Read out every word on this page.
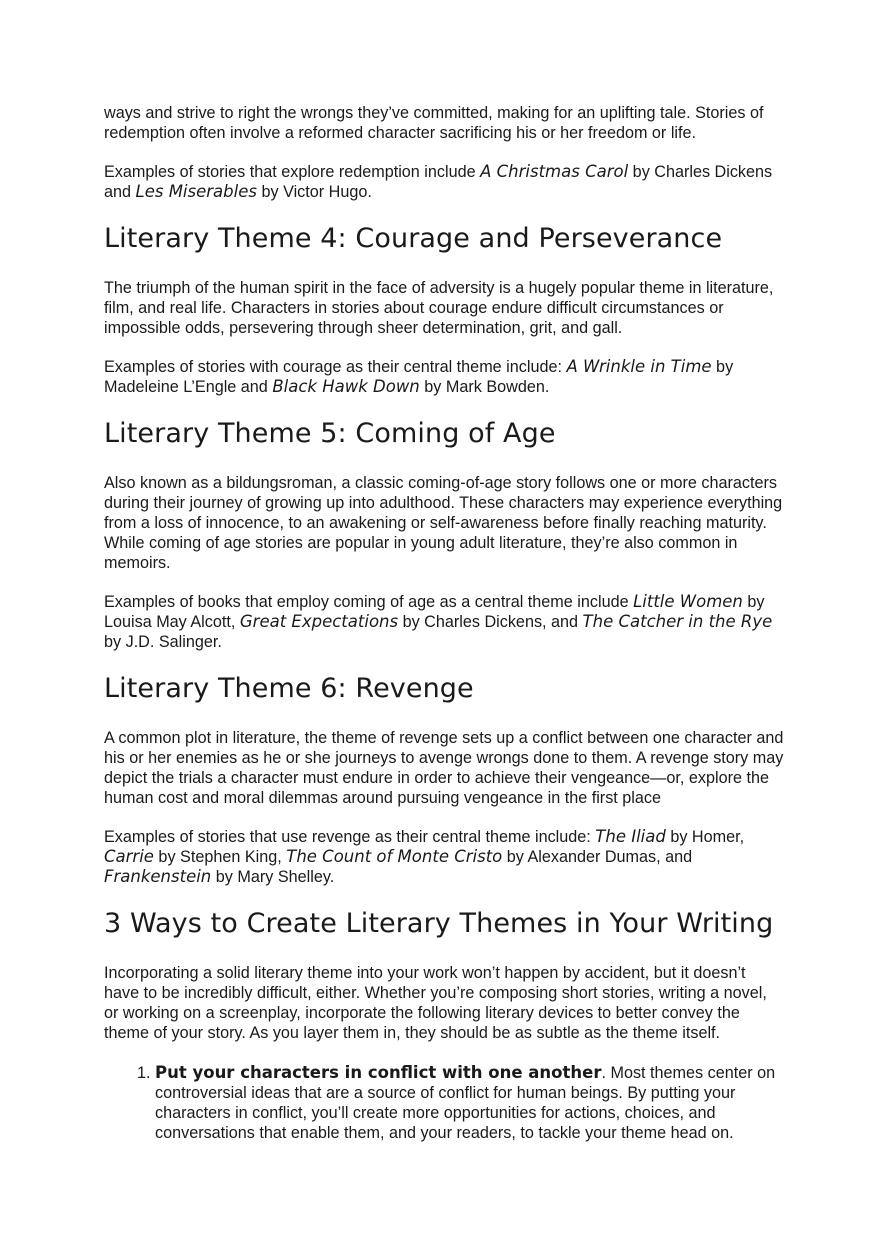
ways and strive to right the wrongs they’ve committed, making for an uplifting tale. Stories of redemption often involve a reformed character sacrificing his or her freedom or life.

Examples of stories that explore redemption include A Christmas Carol by Charles Dickens and Les Miserables by Victor Hugo.

Literary Theme 4: Courage and Perseverance

The triumph of the human spirit in the face of adversity is a hugely popular theme in literature, film, and real life. Characters in stories about courage endure difficult circumstances or impossible odds, persevering through sheer determination, grit, and gall.

Examples of stories with courage as their central theme include: A Wrinkle in Time by Madeleine L’Engle and Black Hawk Down by Mark Bowden.

Literary Theme 5: Coming of Age

Also known as a bildungsroman, a classic coming-of-age story follows one or more characters during their journey of growing up into adulthood. These characters may experience everything from a loss of innocence, to an awakening or self-awareness before finally reaching maturity. While coming of age stories are popular in young adult literature, they’re also common in memoirs.

Examples of books that employ coming of age as a central theme include Little Women by Louisa May Alcott, Great Expectations by Charles Dickens, and The Catcher in the Rye by J.D. Salinger.

Literary Theme 6: Revenge

A common plot in literature, the theme of revenge sets up a conflict between one character and his or her enemies as he or she journeys to avenge wrongs done to them. A revenge story may depict the trials a character must endure in order to achieve their vengeance—or, explore the human cost and moral dilemmas around pursuing vengeance in the first place

Examples of stories that use revenge as their central theme include: The Iliad by Homer, Carrie by Stephen King, The Count of Monte Cristo by Alexander Dumas, and Frankenstein by Mary Shelley.

3 Ways to Create Literary Themes in Your Writing

Incorporating a solid literary theme into your work won’t happen by accident, but it doesn’t have to be incredibly difficult, either. Whether you’re composing short stories, writing a novel, or working on a screenplay, incorporate the following literary devices to better convey the theme of your story. As you layer them in, they should be as subtle as the theme itself.

1. Put your characters in conflict with one another. Most themes center on controversial ideas that are a source of conflict for human beings. By putting your characters in conflict, you’ll create more opportunities for actions, choices, and conversations that enable them, and your readers, to tackle your theme head on.
